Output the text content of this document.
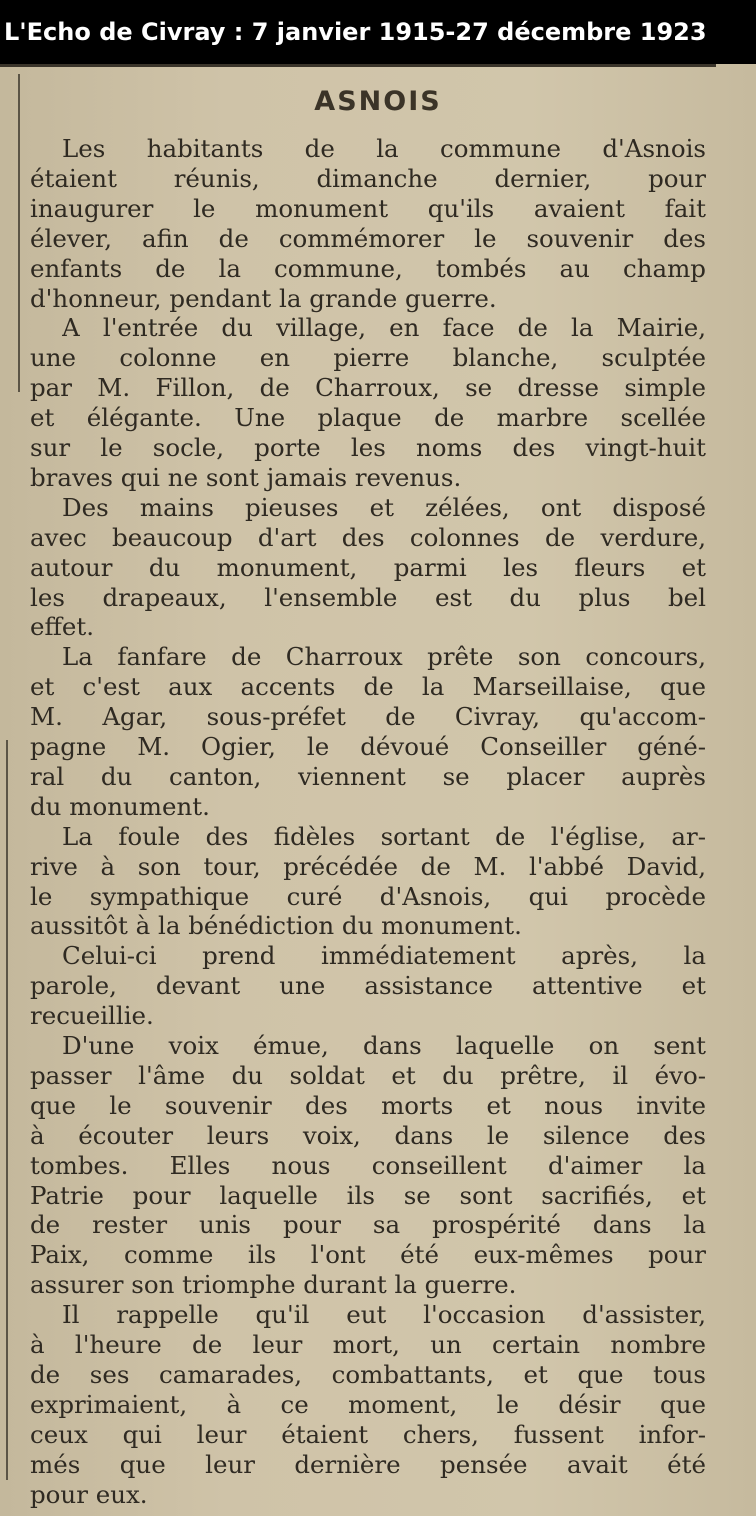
L'Echo de Civray : 7 janvier 1915-27 décembre 1923
ASNOIS
Les habitants de la commune d'Asnois
étaient réunis, dimanche dernier, pour
inaugurer le monument qu'ils avaient fait
élever, afin de commémorer le souvenir des
enfants de la commune, tombés au champ
d'honneur, pendant la grande guerre.
A l'entrée du village, en face de la Mairie,
une colonne en pierre blanche, sculptée
par M. Fillon, de Charroux, se dresse simple
et élégante. Une plaque de marbre scellée
sur le socle, porte les noms des vingt-huit
braves qui ne sont jamais revenus.
Des mains pieuses et zélées, ont disposé
avec beaucoup d'art des colonnes de verdure,
autour du monument, parmi les fleurs et
les drapeaux, l'ensemble est du plus bel
effet.
La fanfare de Charroux prête son concours,
et c'est aux accents de la Marseillaise, que
M. Agar, sous-préfet de Civray, qu'accom-
pagne M. Ogier, le dévoué Conseiller géné-
ral du canton, viennent se placer auprès
du monument.
La foule des fidèles sortant de l'église, ar-
rive à son tour, précédée de M. l'abbé David,
le sympathique curé d'Asnois, qui procède
aussitôt à la bénédiction du monument.
Celui-ci prend immédiatement après, la
parole, devant une assistance attentive et
recueillie.
D'une voix émue, dans laquelle on sent
passer l'âme du soldat et du prêtre, il évo-
que le souvenir des morts et nous invite
à écouter leurs voix, dans le silence des
tombes. Elles nous conseillent d'aimer la
Patrie pour laquelle ils se sont sacrifiés, et
de rester unis pour sa prospérité dans la
Paix, comme ils l'ont été eux-mêmes pour
assurer son triomphe durant la guerre.
Il rappelle qu'il eut l'occasion d'assister,
à l'heure de leur mort, un certain nombre
de ses camarades, combattants, et que tous
exprimaient, à ce moment, le désir que
ceux qui leur étaient chers, fussent infor-
més que leur dernière pensée avait été
pour eux.
